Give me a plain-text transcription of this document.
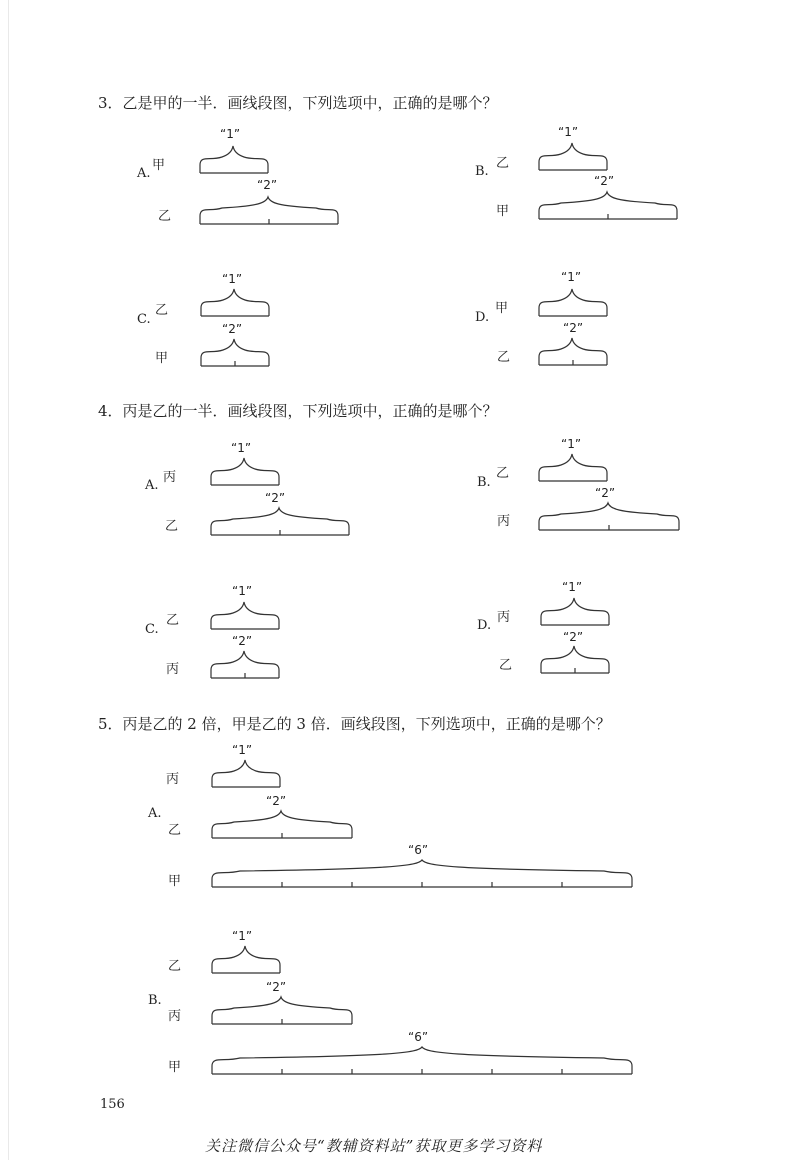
3．乙是甲的一半．画线段图，下列选项中，正确的是哪个？
A.
甲
乙
“1”
“2”
B.
乙
甲
“1”
“2”
C.
乙
甲
“1”
“2”
D.
甲
乙
“1”
“2”
4．丙是乙的一半．画线段图，下列选项中，正确的是哪个？
A.
丙
乙
“1”
“2”
B.
乙
丙
“1”
“2”
C.
乙
丙
“1”
“2”
D.
丙
乙
“1”
“2”
5．丙是乙的 2 倍，甲是乙的 3 倍．画线段图，下列选项中，正确的是哪个？
A.
丙
乙
甲
“1”
“2”
“6”
B.
乙
丙
甲
“1”
“2”
“6”
156
关注微信公众号“教辅资料站”获取更多学习资料
